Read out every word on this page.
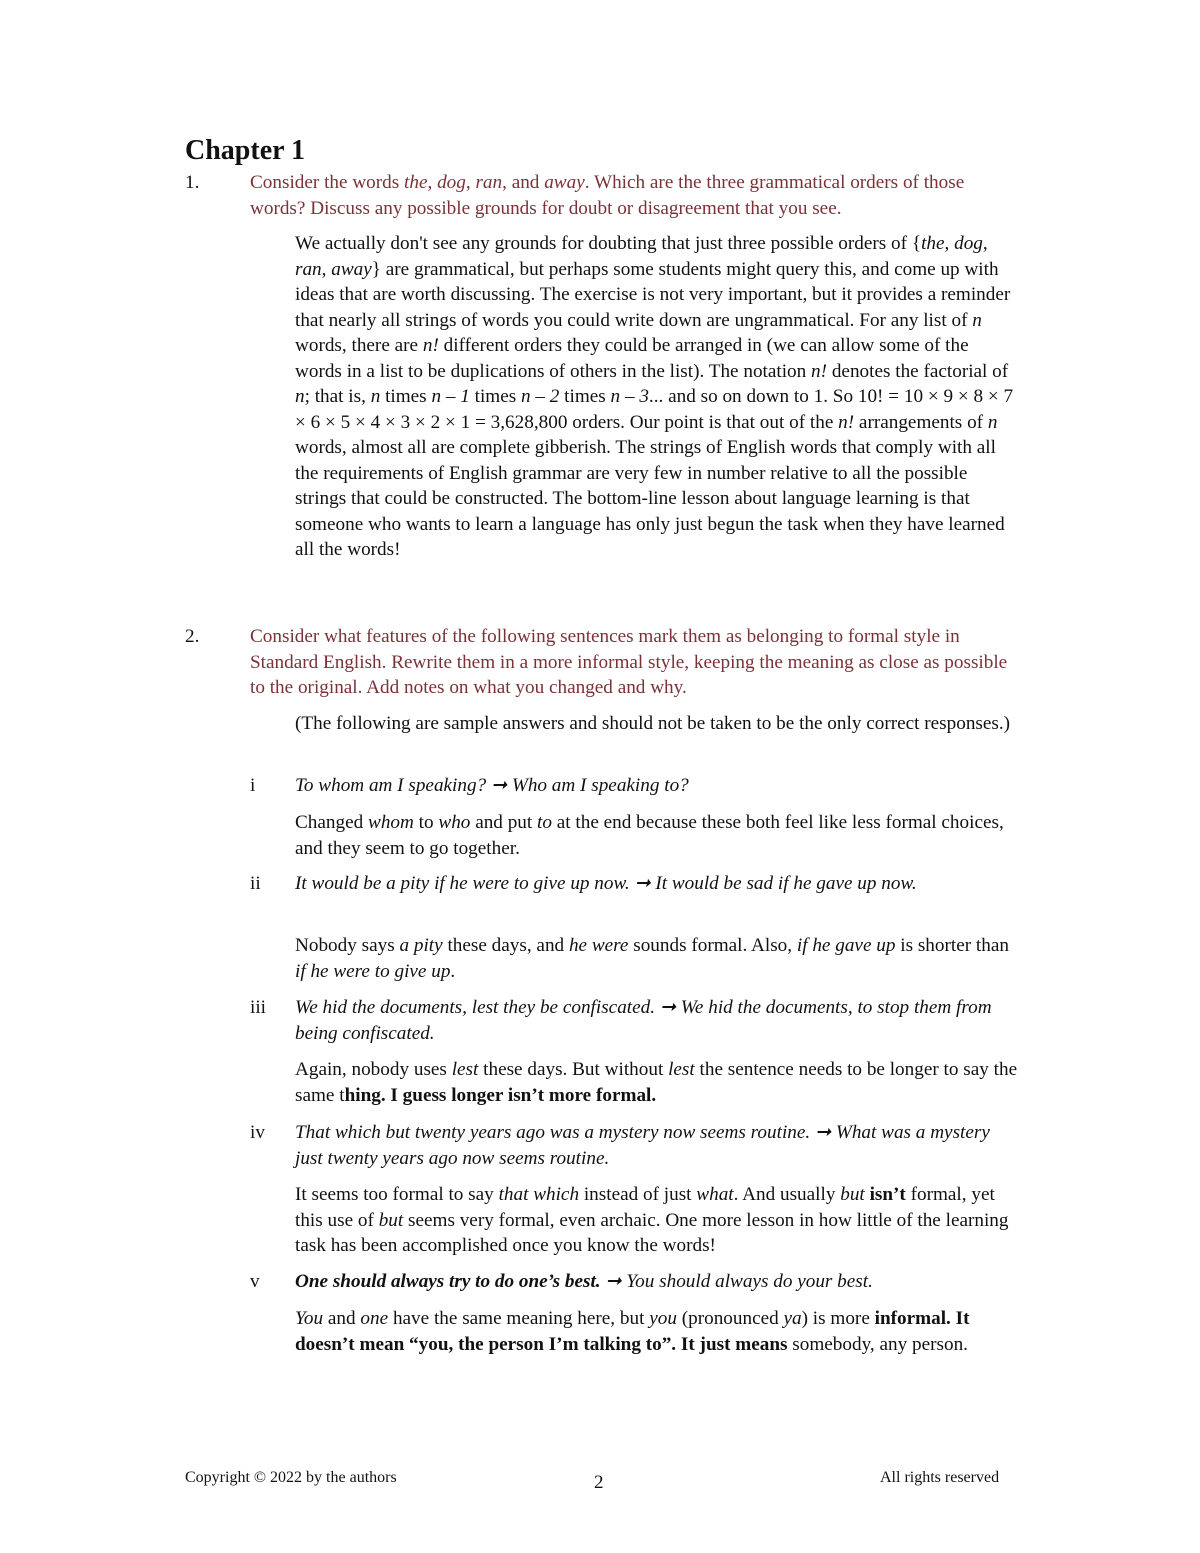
Chapter 1
1.	Consider the words the, dog, ran, and away. Which are the three grammatical orders of those words? Discuss any possible grounds for doubt or disagreement that you see.
We actually don't see any grounds for doubting that just three possible orders of {the, dog, ran, away} are grammatical, but perhaps some students might query this, and come up with ideas that are worth discussing. The exercise is not very important, but it provides a reminder that nearly all strings of words you could write down are ungrammatical. For any list of n words, there are n! different orders they could be arranged in (we can allow some of the words in a list to be duplications of others in the list). The notation n! denotes the factorial of n; that is, n times n – 1 times n – 2 times n – 3... and so on down to 1. So 10! = 10 × 9 × 8 × 7 × 6 × 5 × 4 × 3 × 2 × 1 = 3,628,800 orders. Our point is that out of the n! arrangements of n words, almost all are complete gibberish. The strings of English words that comply with all the requirements of English grammar are very few in number relative to all the possible strings that could be constructed. The bottom-line lesson about language learning is that someone who wants to learn a language has only just begun the task when they have learned all the words!
2.	Consider what features of the following sentences mark them as belonging to formal style in Standard English. Rewrite them in a more informal style, keeping the meaning as close as possible to the original. Add notes on what you changed and why.
(The following are sample answers and should not be taken to be the only correct responses.)
i To whom am I speaking? ➞ Who am I speaking to?
Changed whom to who and put to at the end because these both feel like less formal choices, and they seem to go together.
ii It would be a pity if he were to give up now. ➞ It would be sad if he gave up now.
Nobody says a pity these days, and he were sounds formal. Also, if he gave up is shorter than if he were to give up.
iii We hid the documents, lest they be confiscated. ➞ We hid the documents, to stop them from being confiscated.
Again, nobody uses lest these days. But without lest the sentence needs to be longer to say the same thing. I guess longer isn’t more formal.
iv That which but twenty years ago was a mystery now seems routine. ➞ What was a mystery just twenty years ago now seems routine.
It seems too formal to say that which instead of just what. And usually but isn’t formal, yet this use of but seems very formal, even archaic. One more lesson in how little of the learning task has been accomplished once you know the words!
v One should always try to do one’s best. ➞ You should always do your best.
You and one have the same meaning here, but you (pronounced ya) is more informal. It doesn’t mean “you, the person I’m talking to”. It just means somebody, any person.
Copyright © 2022 by the authors	2	All rights reserved
